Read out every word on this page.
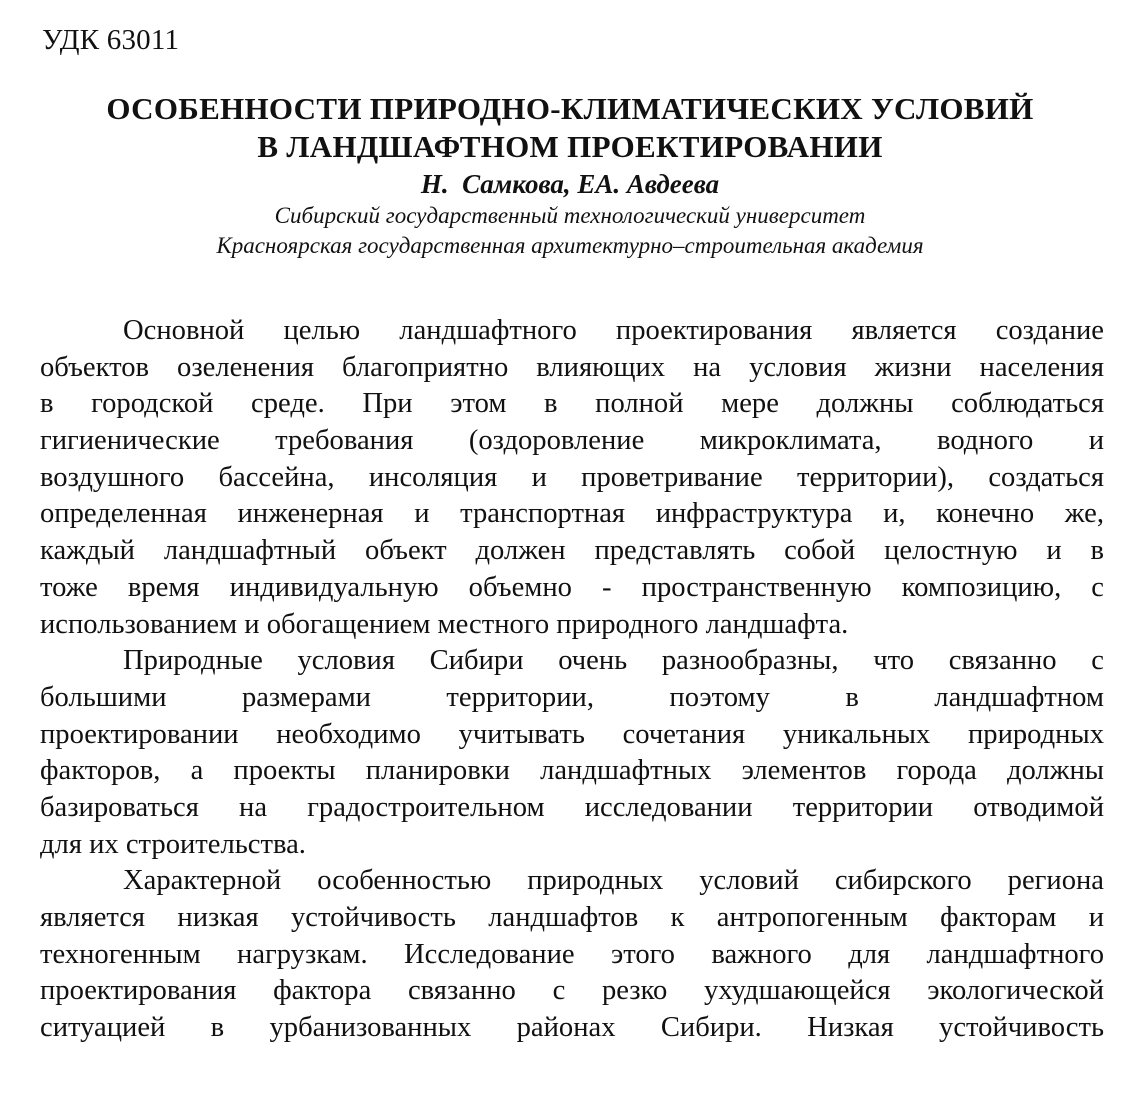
УДК 63011
ОСОБЕННОСТИ ПРИРОДНО-КЛИМАТИЧЕСКИХ УСЛОВИЙ
В ЛАНДШАФТНОМ ПРОЕКТИРОВАНИИ
Н.  Самкова, ЕА. Авдеева
Сибирский государственный технологический университет
Красноярская государственная архитектурно–строительная академия
Основной целью ландшафтного проектирования является создание
объектов озеленения благоприятно влияющих на условия жизни населения
в городской среде. При этом в полной мере должны соблюдаться
гигиенические требования (оздоровление микроклимата, водного и
воздушного бассейна, инсоляция и проветривание территории), создаться
определенная инженерная и транспортная инфраструктура и, конечно же,
каждый ландшафтный объект должен представлять собой целостную и в
тоже время индивидуальную объемно - пространственную композицию, с
использованием и обогащением местного природного ландшафта.
Природные условия Сибири очень разнообразны, что связанно с
большими размерами территории, поэтому в ландшафтном
проектировании необходимо учитывать сочетания уникальных природных
факторов, а проекты планировки ландшафтных элементов города должны
базироваться на градостроительном исследовании территории отводимой
для их строительства.
Характерной особенностью природных условий сибирского региона
является низкая устойчивость ландшафтов к антропогенным факторам и
техногенным нагрузкам. Исследование этого важного для ландшафтного
проектирования фактора связанно с резко ухудшающейся экологической
ситуацией в урбанизованных районах Сибири. Низкая устойчивость
